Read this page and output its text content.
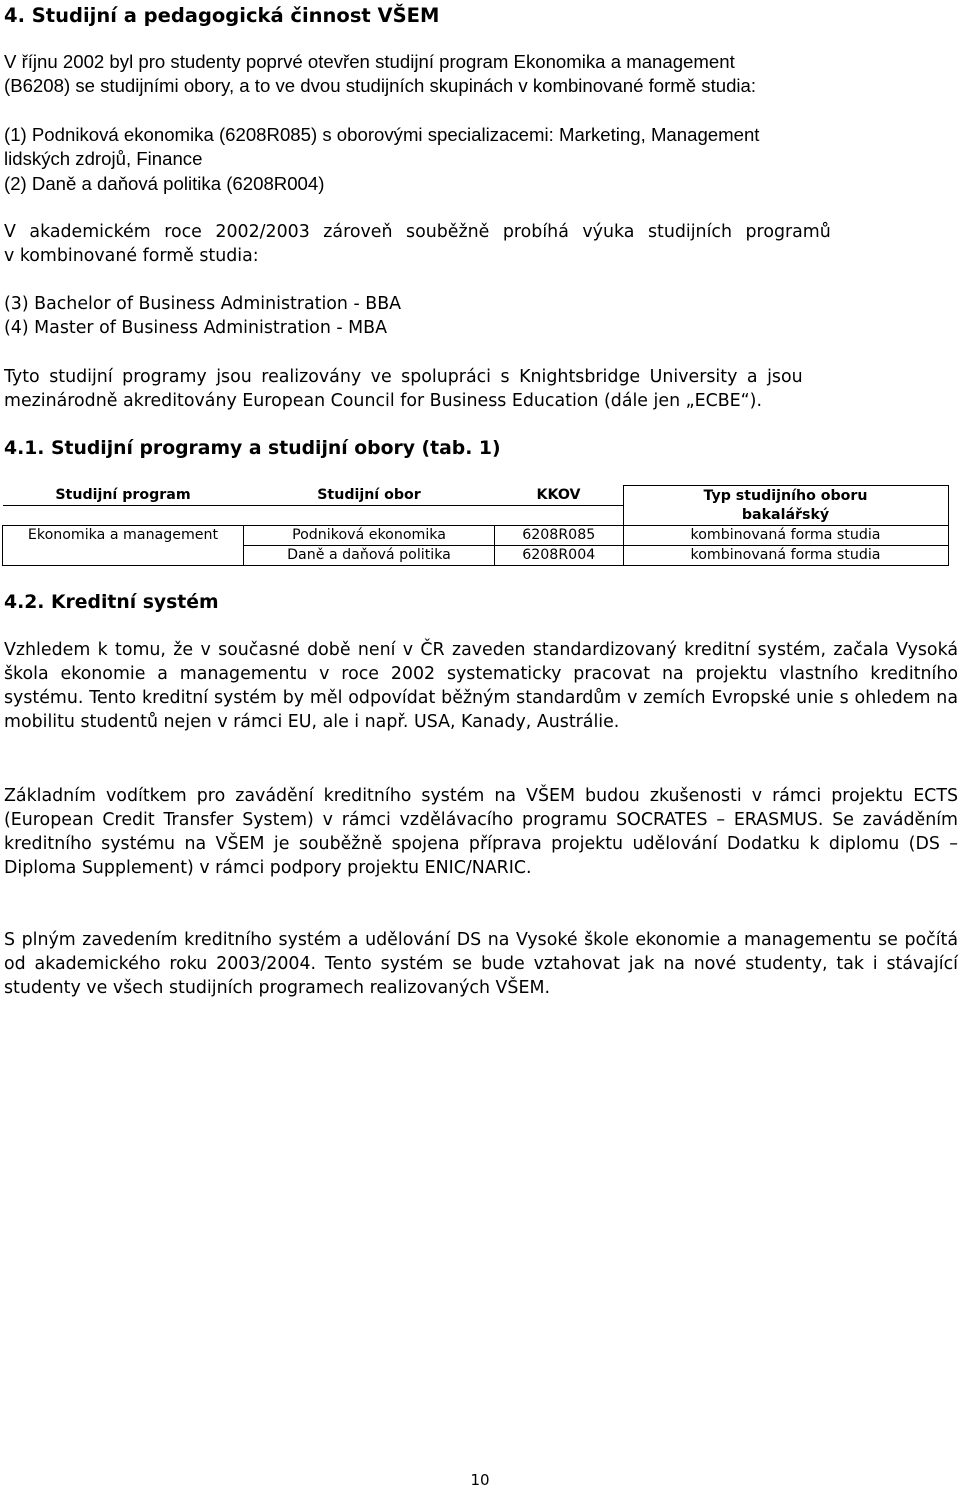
4. Studijní a pedagogická činnost VŠEM
V říjnu 2002 byl pro studenty poprvé otevřen studijní program Ekonomika a management
(B6208) se studijními obory, a to ve dvou studijních skupinách v kombinované formě studia:
(1) Podniková ekonomika (6208R085) s oborovými specializacemi: Marketing, Management
lidských zdrojů, Finance
(2) Daně a daňová politika (6208R004)
V akademickém roce 2002/2003 zároveň souběžně probíhá výuka studijních programů
v kombinované formě studia:
(3) Bachelor of Business Administration - BBA
(4) Master of Business Administration - MBA
Tyto studijní programy jsou realizovány ve spolupráci s Knightsbridge University a jsou
mezinárodně akreditovány European Council for Business Education (dále jen „ECBE“).
4.1. Studijní programy a studijní obory (tab. 1)
Studijní program	Studijní obor	KKOV	Typ studijního oboru
			bakalářský
Ekonomika a management	Podniková ekonomika	6208R085	kombinovaná forma studia
	Daně a daňová politika	6208R004	kombinovaná forma studia
4.2. Kreditní systém

Vzhledem k tomu, že v současné době není v ČR zaveden standardizovaný kreditní systém, začala Vysoká škola ekonomie a managementu v roce 2002 systematicky pracovat na projektu vlastního kreditního systému. Tento kreditní systém by měl odpovídat běžným standardům v zemích Evropské unie s ohledem na mobilitu studentů nejen v rámci EU, ale i např. USA, Kanady, Austrálie.

Základním vodítkem pro zavádění kreditního systém na VŠEM budou zkušenosti v rámci projektu ECTS (European Credit Transfer System) v rámci vzdělávacího programu SOCRATES – ERASMUS. Se zaváděním kreditního systému na VŠEM je souběžně spojena příprava projektu udělování Dodatku k diplomu (DS – Diploma Supplement) v rámci podpory projektu ENIC/NARIC.

S plným zavedením kreditního systém a udělování DS na Vysoké škole ekonomie a managementu se počítá od akademického roku 2003/2004. Tento systém se bude vztahovat jak na nové studenty, tak i stávající studenty ve všech studijních programech realizovaných VŠEM.

10
